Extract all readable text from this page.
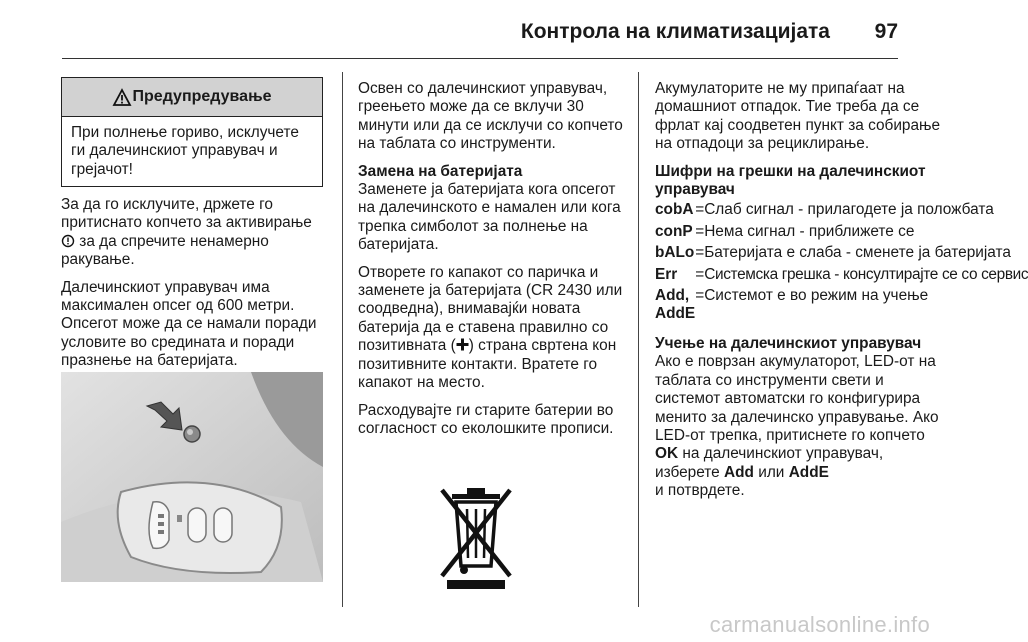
Контрола на климатизацијата 97
Предупредување
При полнење гориво, исклучете ги далечинскиот управувач и грејачот!

За да го исклучите, држете го притиснато копчето за активирање  за да спречите ненамерно ракување.

Далечинскиот управувач има максимален опсег од 600 метри. Опсегот може да се намали поради условите во средината и поради празнење на батеријата.

Освен со далечинскиот управувач, греењето може да се вклучи 30 минути или да се исклучи со копчето на таблата со инструменти.

Замена на батеријата

Заменете ја батеријата кога опсегот на далечинското е намален или кога трепка симболот за полнење на батеријата.

Отворете го капакот со паричка и заменете ја батеријата (CR 2430 или соодведна), внимавајќи новата батерија да е ставена правилно со позитивната ( ) страна свртена кон позитивните контакти. Вратете го капакот на место.

Расходувајте ги старите батерии во согласност со еколошките прописи.

Акумулаторите не му припаѓаат на домашниот отпадок. Тие треба да се фрлат кај соодветен пункт за собирање на отпадоци за рециклирање.

Шифри на грешки на далечинскиот управувач
cobA	=	Слаб сигнал - прилагодете ја положбата
conP	=	Нема сигнал - приближете се
bALo	=	Батеријата е слаба - сменете ја батеријата
Err	=	Системска грешка - консултирајте се со сервис
Add, AddE	=	Системот е во режим на учење
Учење на далечинскиот управувач

Ако е поврзан акумулаторот, LED-от на таблата со инструменти свети и системот автоматски го конфигурира менито за далечинско управување. Ако LED-от трепка, притиснете го копчето OK на далечинскиот управувач, изберете Add или AddE
и потврдете.

carmanualsonline.info
